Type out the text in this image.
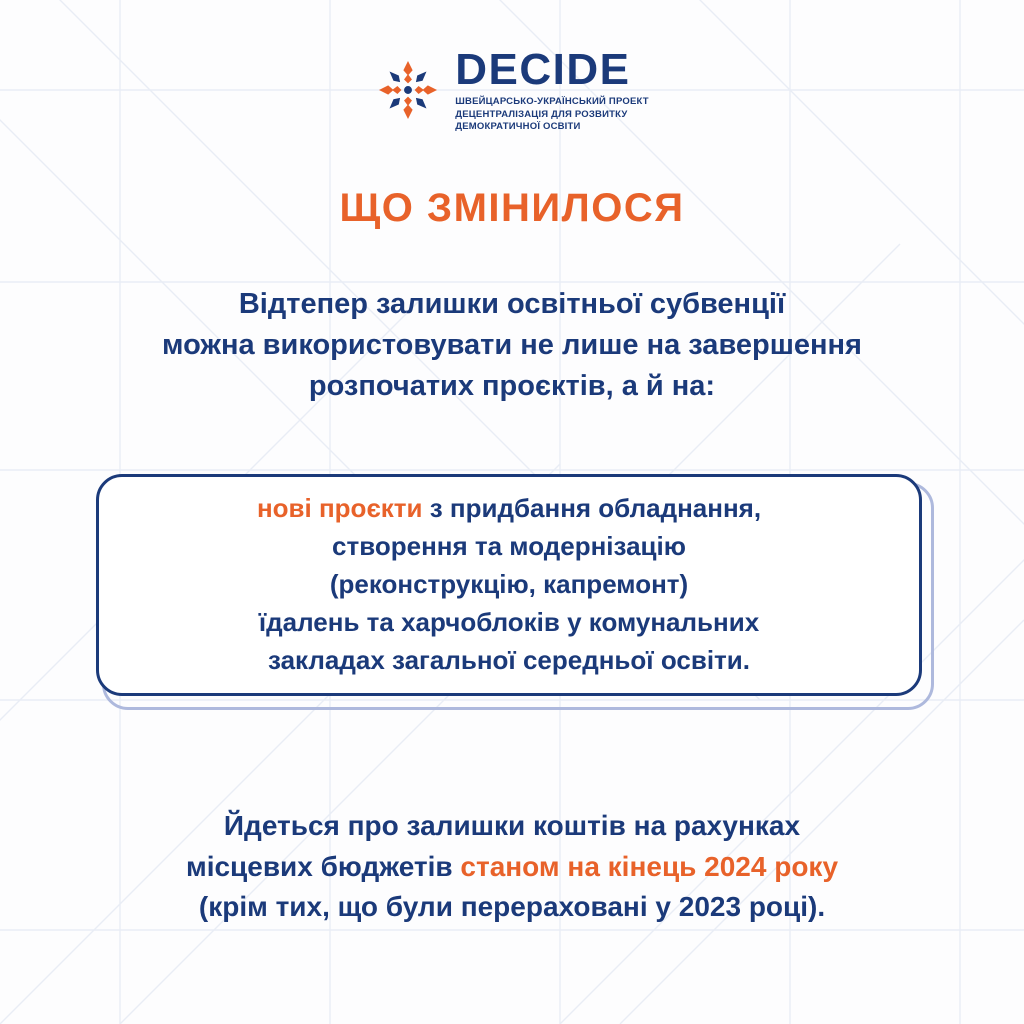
DECIDE
ШВЕЙЦАРСЬКО-УКРАЇНСЬКИЙ ПРОЕКТ
ДЕЦЕНТРАЛІЗАЦІЯ ДЛЯ РОЗВИТКУ ДЕМОКРАТИЧНОЇ ОСВІТИ
ЩО ЗМІНИЛОСЯ
Відтепер залишки освітньої субвенції
можна використовувати не лише на завершення
розпочатих проєктів, а й на:
нові проєкти з придбання обладнання,
створення та модернізацію
(реконструкцію, капремонт)
їдалень та харчоблоків у комунальних
закладах загальної середньої освіти.
Йдеться про залишки коштів на рахунках
місцевих бюджетів станом на кінець 2024 року
(крім тих, що були перераховані у 2023 році).
